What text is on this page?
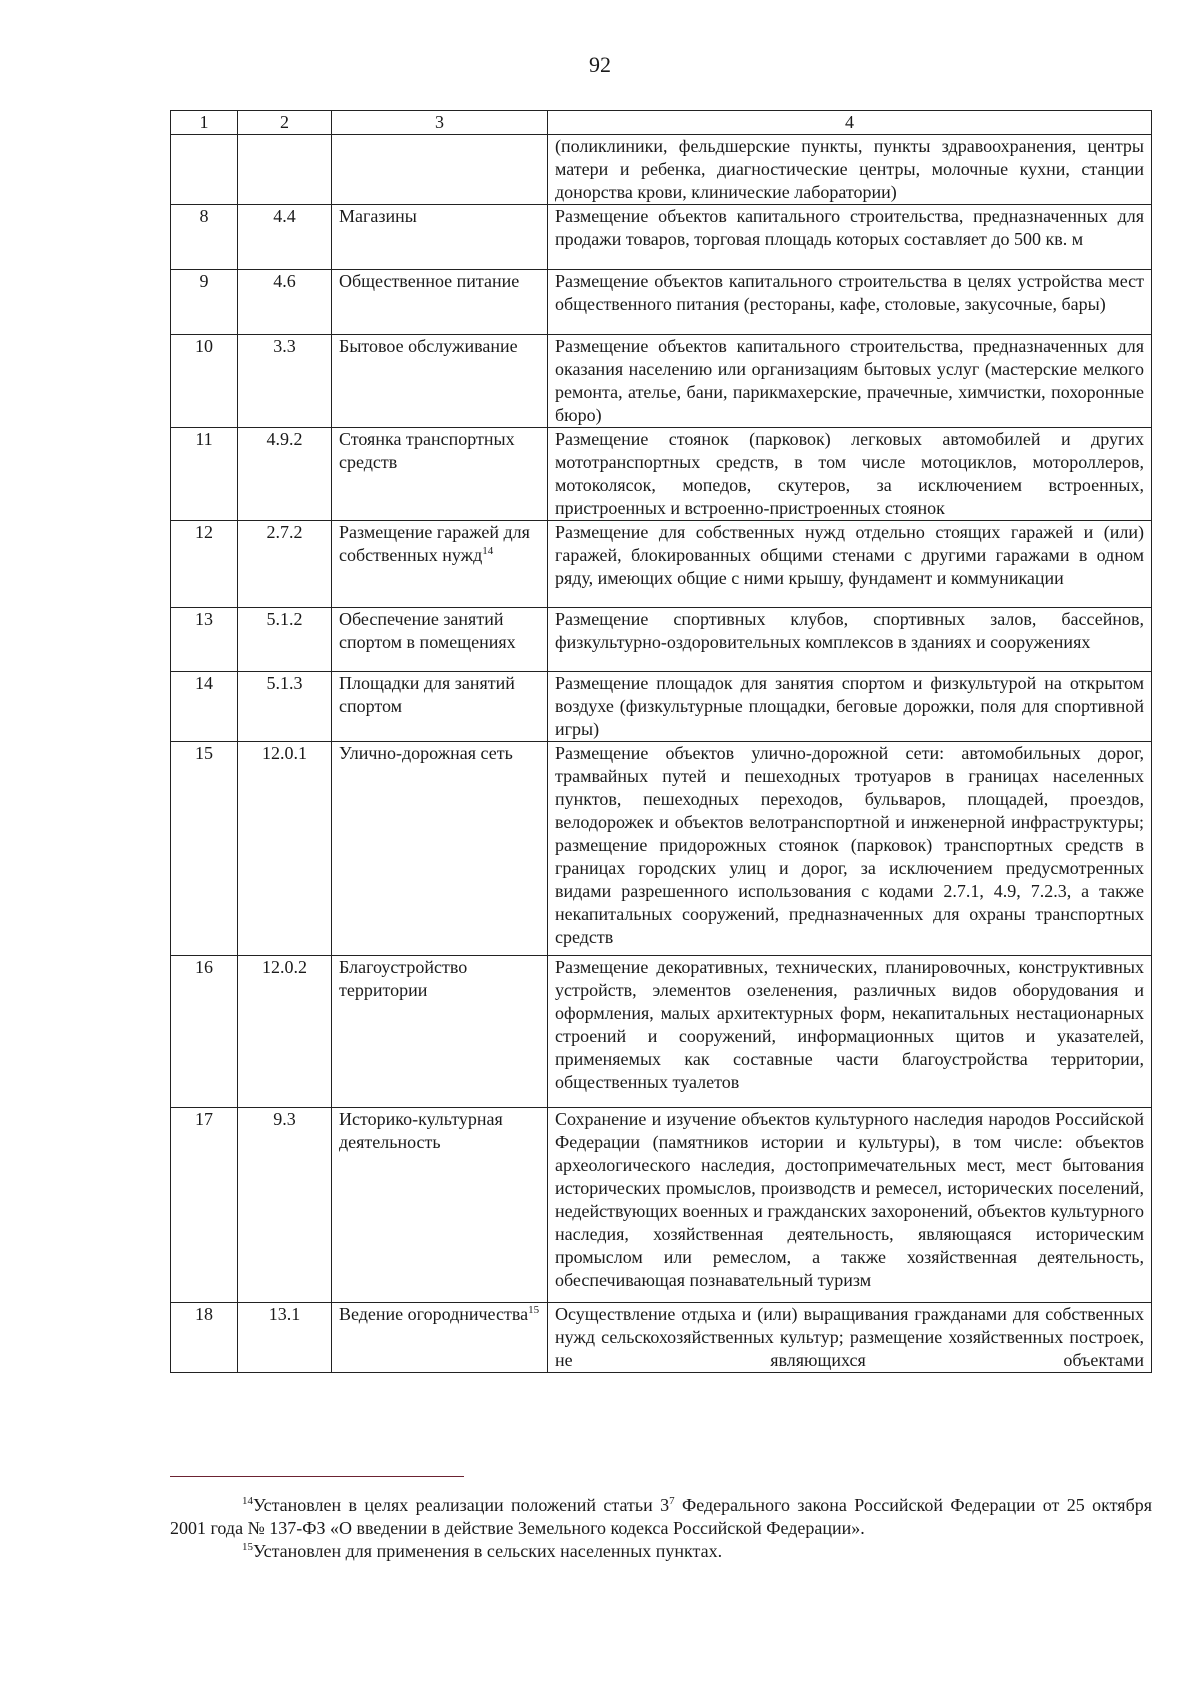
92
1	2	3	4
			(поликлиники, фельдшерские пункты, пункты здравоохранения, центры матери и ребенка, диагностические центры, молочные кухни, станции донорства крови, клинические лаборатории)
8	4.4	Магазины	Размещение объектов капитального строительства, предназначенных для продажи товаров, торговая площадь которых составляет до 500 кв. м
9	4.6	Общественное питание	Размещение объектов капитального строительства в целях устройства мест общественного питания (рестораны, кафе, столовые, закусочные, бары)
10	3.3	Бытовое обслуживание	Размещение объектов капитального строительства, предназначенных для оказания населению или организациям бытовых услуг (мастерские мелкого ремонта, ателье, бани, парикмахерские, прачечные, химчистки, похоронные бюро)
11	4.9.2	Стоянка транспортных средств	Размещение стоянок (парковок) легковых автомобилей и других мототранспортных средств, в том числе мотоциклов, мотороллеров, мотоколясок, мопедов, скутеров, за исключением встроенных, пристроенных и встроенно-пристроенных стоянок
12	2.7.2	Размещение гаражей для собственных нужд$^{14}$	Размещение для собственных нужд отдельно стоящих гаражей и (или) гаражей, блокированных общими стенами с другими гаражами в одном ряду, имеющих общие с ними крышу, фундамент и коммуникации
13	5.1.2	Обеспечение занятий спортом в помещениях	Размещение спортивных клубов, спортивных залов, бассейнов, физкультурно-оздоровительных комплексов в зданиях и сооружениях
14	5.1.3	Площадки для занятий спортом	Размещение площадок для занятия спортом и физкультурой на открытом воздухе (физкультурные площадки, беговые дорожки, поля для спортивной игры)
15	12.0.1	Улично-дорожная сеть	Размещение объектов улично-дорожной сети: автомобильных дорог, трамвайных путей и пешеходных тротуаров в границах населенных пунктов, пешеходных переходов, бульваров, площадей, проездов, велодорожек и объектов велотранспортной и инженерной инфраструктуры; размещение придорожных стоянок (парковок) транспортных средств в границах городских улиц и дорог, за исключением предусмотренных видами разрешенного использования с кодами 2.7.1, 4.9, 7.2.3, а также некапитальных сооружений, предназначенных для охраны транспортных средств
16	12.0.2	Благоустройство территории	Размещение декоративных, технических, планировочных, конструктивных устройств, элементов озеленения, различных видов оборудования и оформления, малых архитектурных форм, некапитальных нестационарных строений и сооружений, информационных щитов и указателей, применяемых как составные части благоустройства территории, общественных туалетов
17	9.3	Историко-культурная деятельность	Сохранение и изучение объектов культурного наследия народов Российской Федерации (памятников истории и культуры), в том числе: объектов археологического наследия, достопримечательных мест, мест бытования исторических промыслов, производств и ремесел, исторических поселений, недействующих военных и гражданских захоронений, объектов культурного наследия, хозяйственная деятельность, являющаяся историческим промыслом или ремеслом, а также хозяйственная деятельность, обеспечивающая познавательный туризм
18	13.1	Ведение огородничества$^{15}$	Осуществление отдыха и (или) выращивания гражданами для собственных нужд сельскохозяйственных культур; размещение хозяйственных построек, не являющихся объектами

$^{14}$Установлен в целях реализации положений статьи $3^7$ Федерального закона Российской Федерации от 25 октября 2001 года № 137-ФЗ «О введении в действие Земельного кодекса Российской Федерации».

$^{15}$Установлен для применения в сельских населенных пунктах.
